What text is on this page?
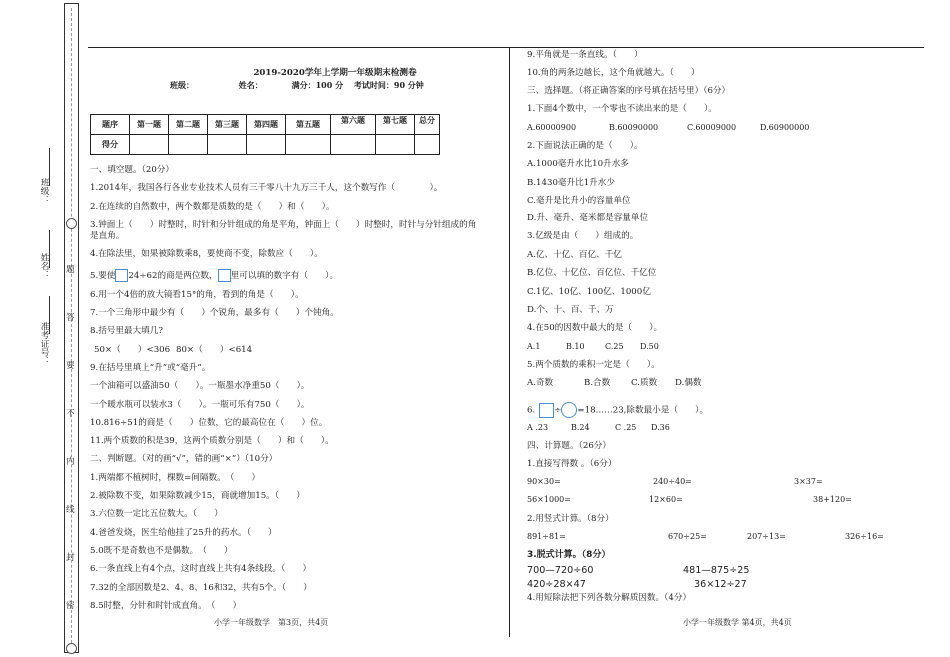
班级：
姓名：
准考证号：
题
答
要
不
内
线
封
密
2019-2020学年上学期一年级期末检测卷
班级：	姓名：	满分：100 分 考试时间：90 分钟
题序	第一题	第二题	第三题	第四题	第五题	第六题	第七题	总分
得分								
一、填空题。（20分）
1.2014年，我国各行各业专业技术人员有三千零八十九万三千人，这个数写作（　　　　）。
2.在连续的自然数中，两个数都是质数的是（　　）和（　　）。
3.钟面上（　　）时整时，时针和分针组成的角是平角，钟面上（　　）时整时，时针与分针组成的角
是直角。
4.在除法里，如果被除数乘8，要使商不变，除数应（　　）。
5.要使 24÷62的商是两位数， 里可以填的数字有（　　）。
6.用一个4倍的放大镜看15°的角，看到的角是（　　）。
7.一个三角形中最少有（　　）个锐角，最多有（　　）个钝角。
8.括号里最大填几?
50×（　　）<306 80×（　　）<614
9.在括号里填上“升”或“毫升”。
一个油箱可以盛油50（　　）。一瓶墨水净重50（　　）。
一个暖水瓶可以装水3（　　）。一瓶可乐有750（　　）。
10.816÷51的商是（　　）位数，它的最高位在（　　）位。
11.两个质数的积是39，这两个质数分别是（　　）和（　　）。
二、判断题。（对的画“√”，错的画“×”）（10分）
1.两端都不植树时，棵数=间隔数。　（　　）
2.被除数不变，如果除数减少15，商就增加15。（　　）
3.六位数一定比五位数大。（　　）
4.爸爸发烧，医生给他挂了25升的药水。（　　）
5.0既不是奇数也不是偶数。　（　　）
6.一条直线上有4个点，这时直线上共有4条线段。（　　）
7.32的全部因数是2、4、8、16和32，共有5个。（　　）
8.5时整，分针和时针成直角。　（　　）
小学一年级数学　第3页，共4页
9.平角就是一条直线。（　　）
10.角的两条边越长，这个角就越大。（　　）
三、选择题。（将正确答案的序号填在括号里）（6分）
1.下面4个数中，一个零也不读出来的是（　　）。
A.60000900	B.60090000	C.60009000	D.60900000
2.下面说法正确的是（　　）。
A.1000毫升水比10升水多
B.1430毫升比1升水少
C.毫升是比升小的容量单位
D.升、毫升、毫米都是容量单位
3.亿级是由（　　）组成的。
A.亿、十亿、百亿、千亿
B.亿位、十亿位、百亿位、千亿位
C.1亿、10亿、100亿、1000亿
D.个、十、百、千、万
4.在50的因数中最大的是（　　）。
A.1	B.10	C.25 D.50
5.两个质数的乘积一定是（　　）。
A.奇数	B.合数 C.质数 D.偶数
6. ÷ =18……23,除数最小是（　　）。
A .23	B.24	C .25 D.36
四、计算题。（26分）
1.直接写得数 。（6分）
90×30=	240÷40=	3×37=
56×1000=	12×60=	38+120=
2.用竖式计算。（8分）
891÷81=	670÷25=	207÷13=	326÷16=
3.脱式计算。（8分）
700—720÷60	481—875÷25
420÷28×47	36×12÷27
4.用短除法把下列各数分解质因数。（4分）
小学一年级数学 第4页，共4页
